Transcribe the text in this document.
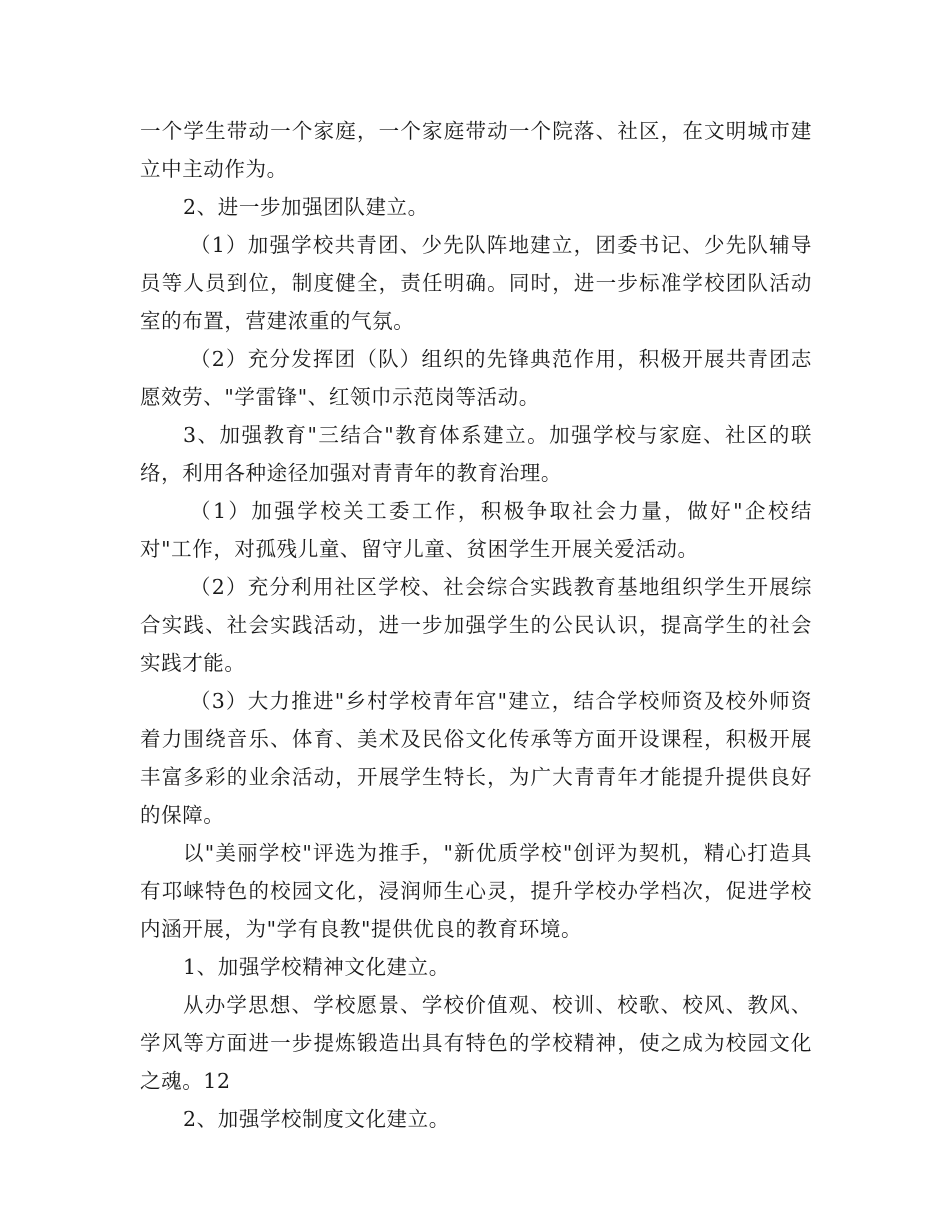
一个学生带动一个家庭，一个家庭带动一个院落、社区，在文明城市建立中主动作为。

2、进一步加强团队建立。

（1）加强学校共青团、少先队阵地建立，团委书记、少先队辅导员等人员到位，制度健全，责任明确。同时，进一步标准学校团队活动室的布置，营建浓重的气氛。

（2）充分发挥团（队）组织的先锋典范作用，积极开展共青团志愿效劳、"学雷锋"、红领巾示范岗等活动。

3、加强教育"三结合"教育体系建立。加强学校与家庭、社区的联络，利用各种途径加强对青青年的教育治理。

（1）加强学校关工委工作，积极争取社会力量，做好"企校结对"工作，对孤残儿童、留守儿童、贫困学生开展关爱活动。

（2）充分利用社区学校、社会综合实践教育基地组织学生开展综合实践、社会实践活动，进一步加强学生的公民认识，提高学生的社会实践才能。

（3）大力推进"乡村学校青年宫"建立，结合学校师资及校外师资着力围绕音乐、体育、美术及民俗文化传承等方面开设课程，积极开展丰富多彩的业余活动，开展学生特长，为广大青青年才能提升提供良好的保障。

以"美丽学校"评选为推手，"新优质学校"创评为契机，精心打造具有邛崃特色的校园文化，浸润师生心灵，提升学校办学档次，促进学校内涵开展，为"学有良教"提供优良的教育环境。

1、加强学校精神文化建立。

从办学思想、学校愿景、学校价值观、校训、校歌、校风、教风、学风等方面进一步提炼锻造出具有特色的学校精神，使之成为校园文化之魂。12

2、加强学校制度文化建立。
